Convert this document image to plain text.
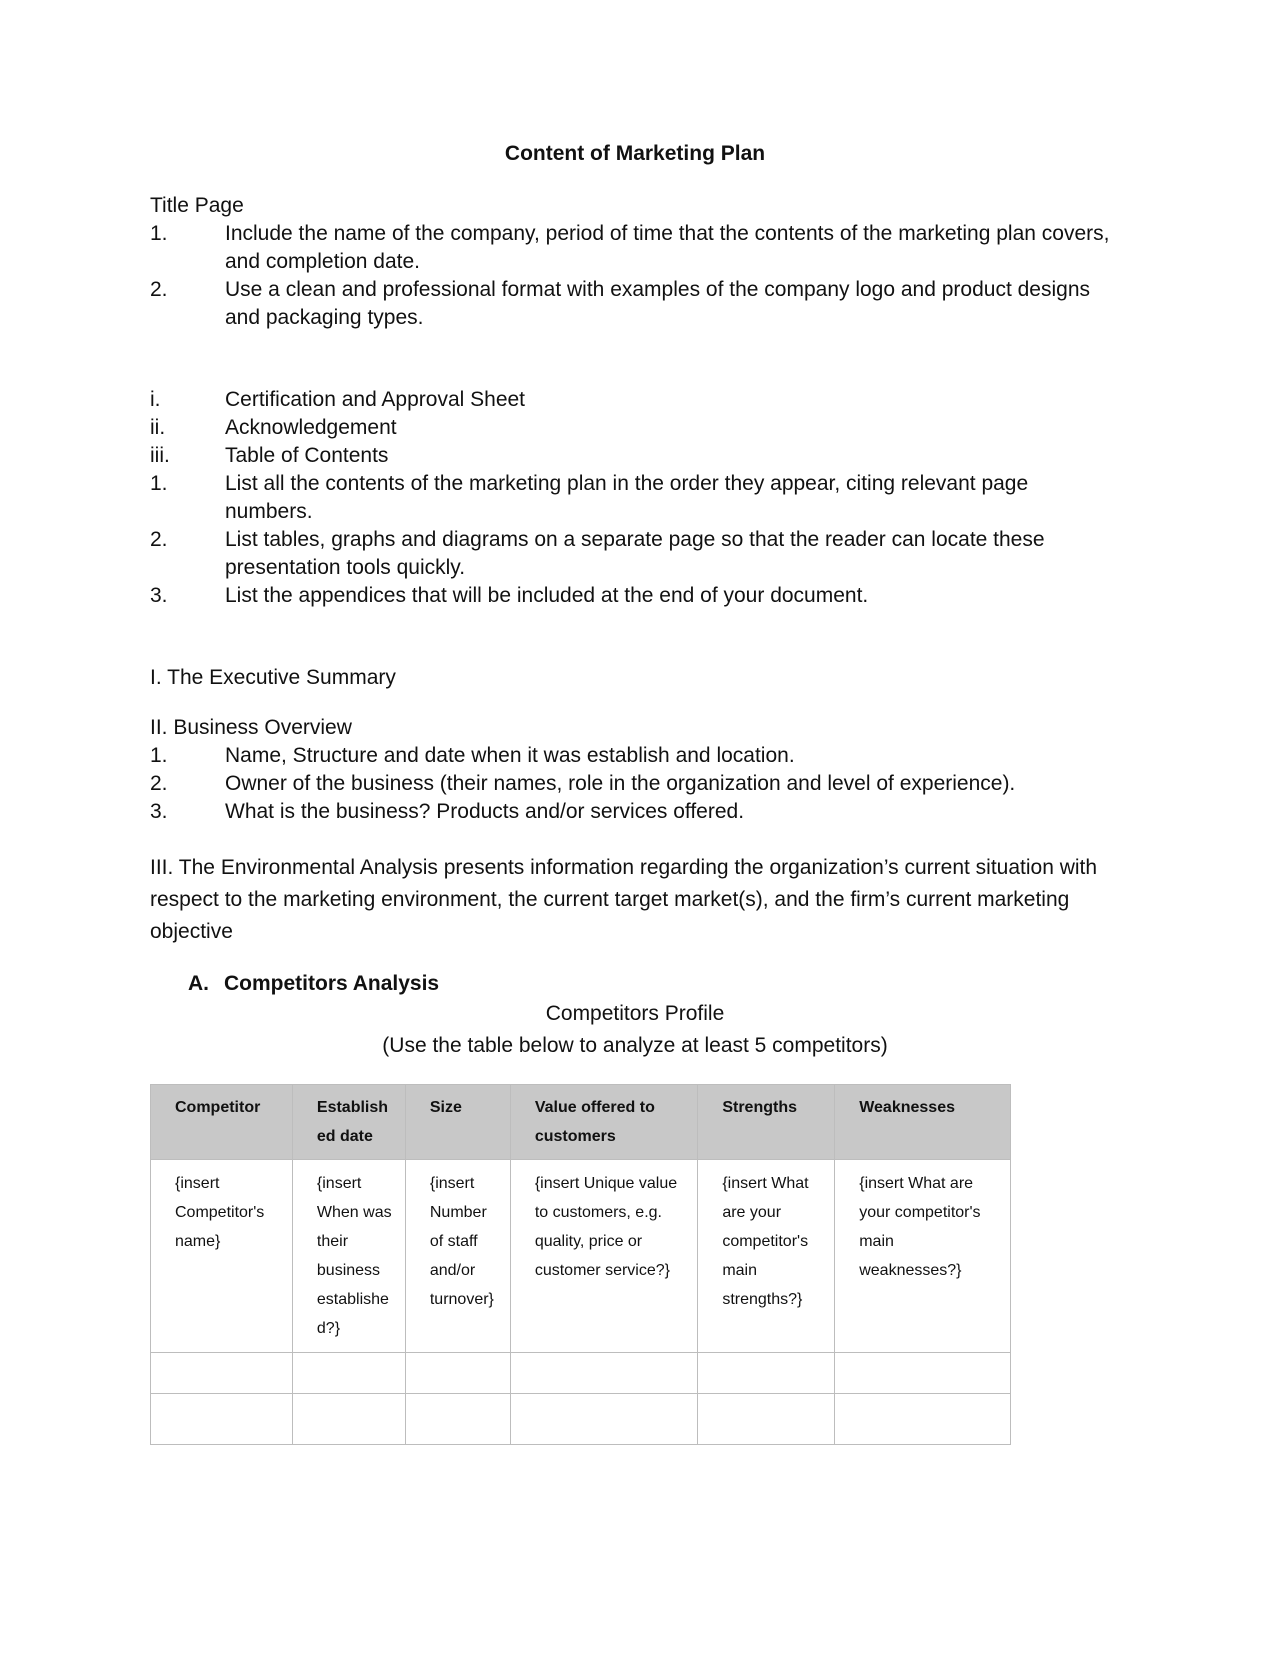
Content of Marketing Plan

Title Page

1.	Include the name of the company, period of time that the contents of the marketing plan covers, and completion date.
2.	Use a clean and professional format with examples of the company logo and product designs and packaging types.
i.	Certification and Approval Sheet
ii.	Acknowledgement
iii.	Table of Contents
1.	List all the contents of the marketing plan in the order they appear, citing relevant page numbers.
2.	List tables, graphs and diagrams on a separate page so that the reader can locate these presentation tools quickly.
3.	List the appendices that will be included at the end of your document.

I. The Executive Summary

II. Business Overview

1.	Name, Structure and date when it was establish and location.
2.	Owner of the business (their names, role in the organization and level of experience).
3.	What is the business? Products and/or services offered.

III. The Environmental Analysis presents information regarding the organization’s current situation with respect to the marketing environment, the current target market(s), and the firm’s current marketing objective

A. Competitors Analysis

Competitors Profile

(Use the table below to analyze at least 5 competitors)

Competitor	Establish ed date	Size	Value offered to customers	Strengths	Weaknesses
{insert Competitor's name}	{insert When was their business establishe d?}	{insert Number of staff and/or turnover}	{insert Unique value to customers, e.g. quality, price or customer service?}	{insert What are your competitor's main strengths?}	{insert What are your competitor's main weaknesses?}
